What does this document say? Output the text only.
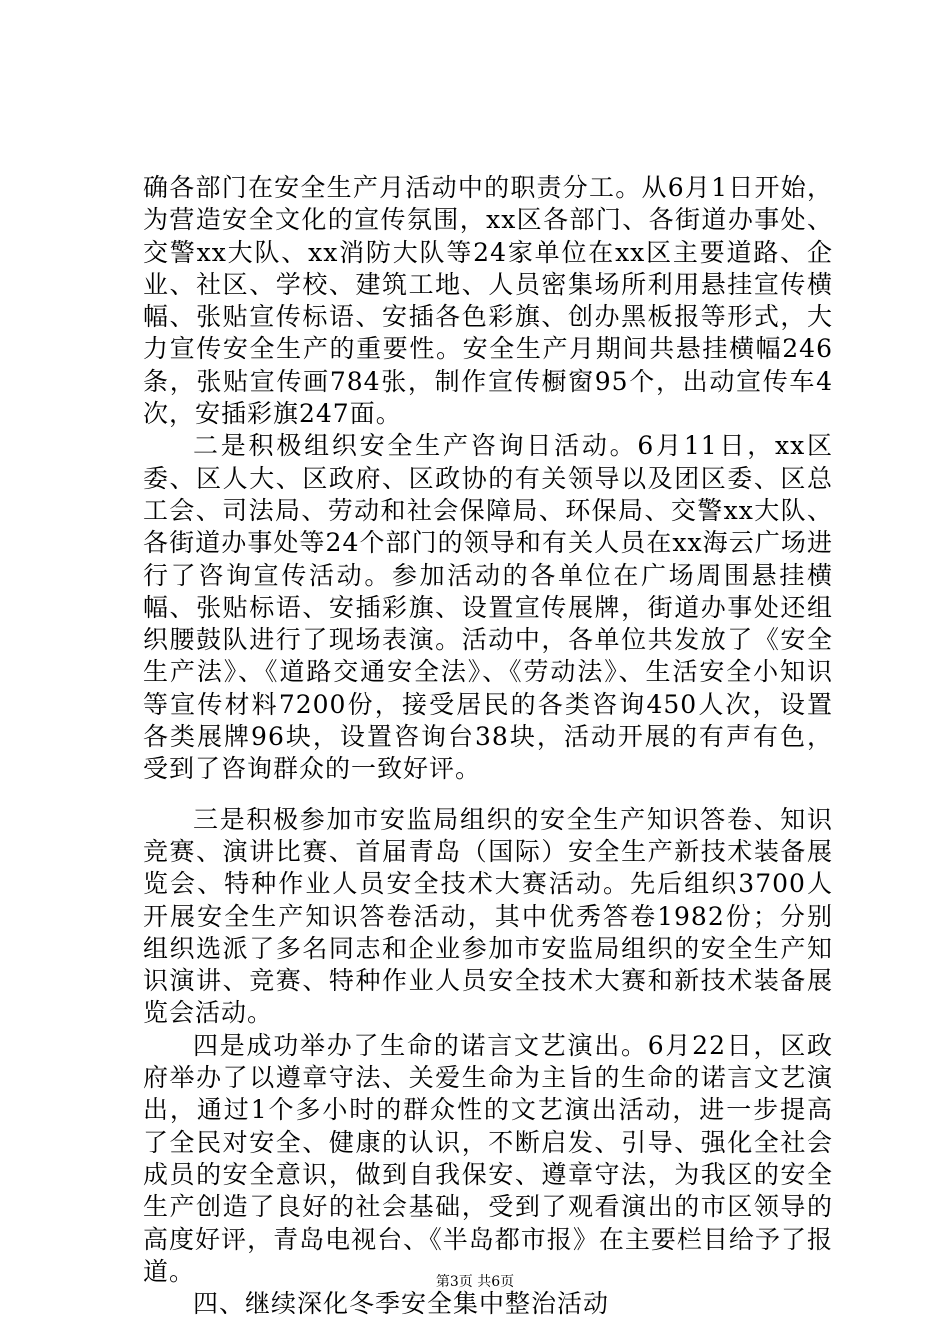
确各部门在安全生产月活动中的职责分工。从6月1日开始，为营造安全文化的宣传氛围，xx区各部门、各街道办事处、交警xx大队、xx消防大队等24家单位在xx区主要道路、企业、社区、学校、建筑工地、人员密集场所利用悬挂宣传横幅、张贴宣传标语、安插各色彩旗、创办黑板报等形式，大力宣传安全生产的重要性。安全生产月期间共悬挂横幅246条，张贴宣传画784张，制作宣传橱窗95个，出动宣传车4次，安插彩旗247面。

二是积极组织安全生产咨询日活动。6月11日，xx区委、区人大、区政府、区政协的有关领导以及团区委、区总工会、司法局、劳动和社会保障局、环保局、交警xx大队、各街道办事处等24个部门的领导和有关人员在xx海云广场进行了咨询宣传活动。参加活动的各单位在广场周围悬挂横幅、张贴标语、安插彩旗、设置宣传展牌，街道办事处还组织腰鼓队进行了现场表演。活动中，各单位共发放了《安全生产法》、《道路交通安全法》、《劳动法》、生活安全小知识等宣传材料7200份，接受居民的各类咨询450人次，设置各类展牌96块，设置咨询台38块，活动开展的有声有色，受到了咨询群众的一致好评。

三是积极参加市安监局组织的安全生产知识答卷、知识竞赛、演讲比赛、首届青岛（国际）安全生产新技术装备展览会、特种作业人员安全技术大赛活动。先后组织3700人开展安全生产知识答卷活动，其中优秀答卷1982份；分别组织选派了多名同志和企业参加市安监局组织的安全生产知识演讲、竞赛、特种作业人员安全技术大赛和新技术装备展览会活动。

四是成功举办了生命的诺言文艺演出。6月22日，区政府举办了以遵章守法、关爱生命为主旨的生命的诺言文艺演出，通过1个多小时的群众性的文艺演出活动，进一步提高了全民对安全、健康的认识，不断启发、引导、强化全社会成员的安全意识，做到自我保安、遵章守法，为我区的安全生产创造了良好的社会基础，受到了观看演出的市区领导的高度好评，青岛电视台、《半岛都市报》在主要栏目给予了报道。

四、继续深化冬季安全集中整治活动

第3页 共6页
